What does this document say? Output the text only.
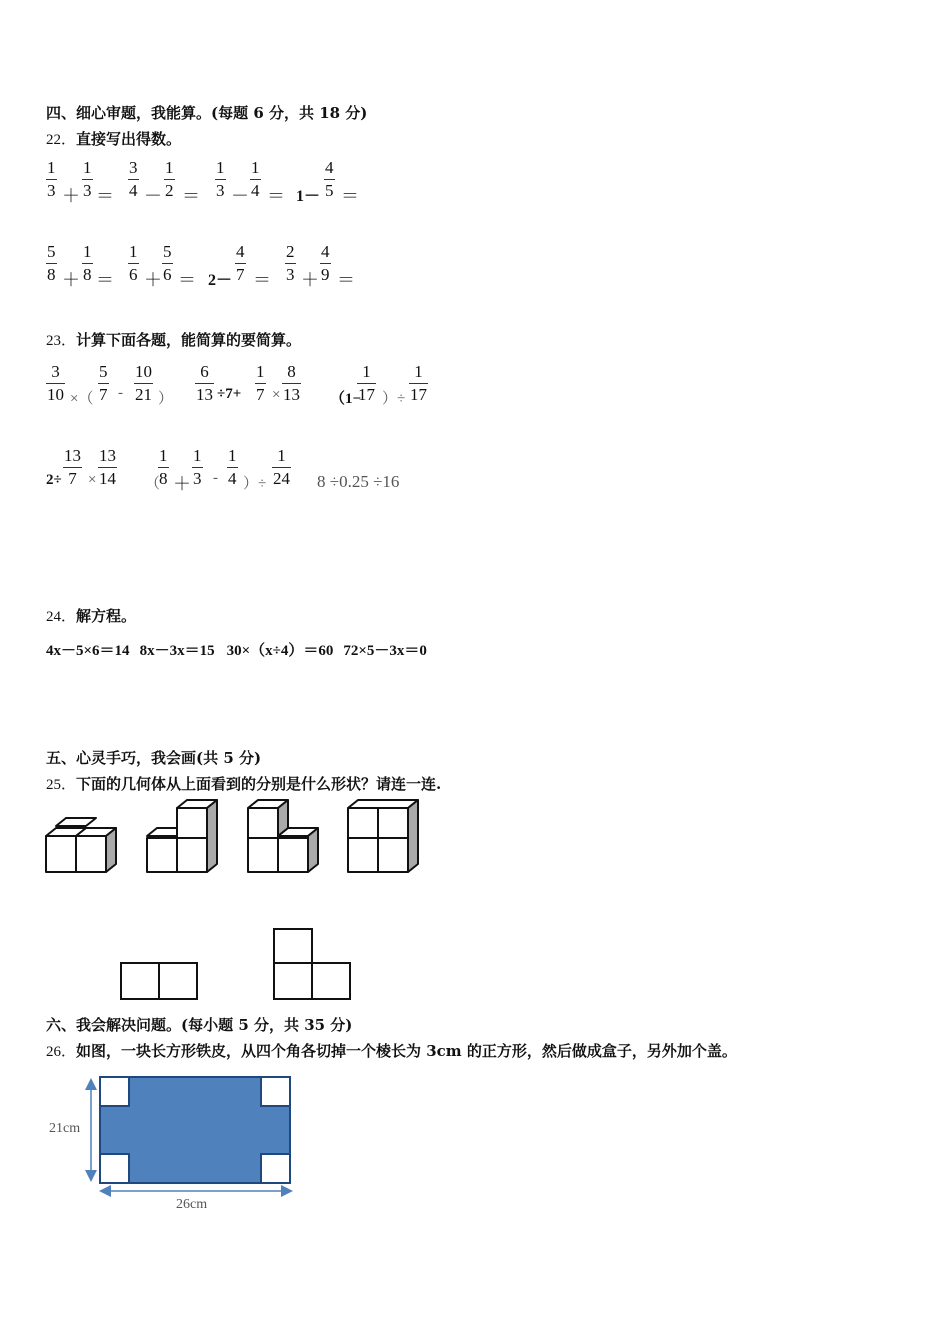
四、细心审题，我能算。(每题 6 分，共 18 分)
22．直接写出得数。
1
3 ＋
1
3 ＝
3
4 －
1
2 ＝
1
3 －
1
4 ＝ 1－
4
5 ＝
5
8 ＋
1
8 ＝
1
6 ＋
5
6 ＝ 2－
4
7 ＝
2
3 ＋
4
9 ＝
23．计算下面各题，能简算的要简算。
3
10 ×（
5
7 -
10
21 ）
6
13 ÷7+
1
7 ×
8
13 （1−
1
17 ）÷
1
17
2÷
13
7 ×
13
14 （
1
8 ＋
1
3 -
1
4 ）÷
1
24 8 ÷0.25 ÷16
24．解方程。
4x－5×6＝14 8x－3x＝15 30×（x÷4）＝60 72×5－3x＝0
五、心灵手巧，我会画(共 5 分)
25．下面的几何体从上面看到的分别是什么形状？请连一连.
六、我会解决问题。(每小题 5 分，共 35 分)
26．如图，一块长方形铁皮，从四个角各切掉一个棱长为 3cm 的正方形，然后做成盒子，另外加个盖。
21cm
26cm
